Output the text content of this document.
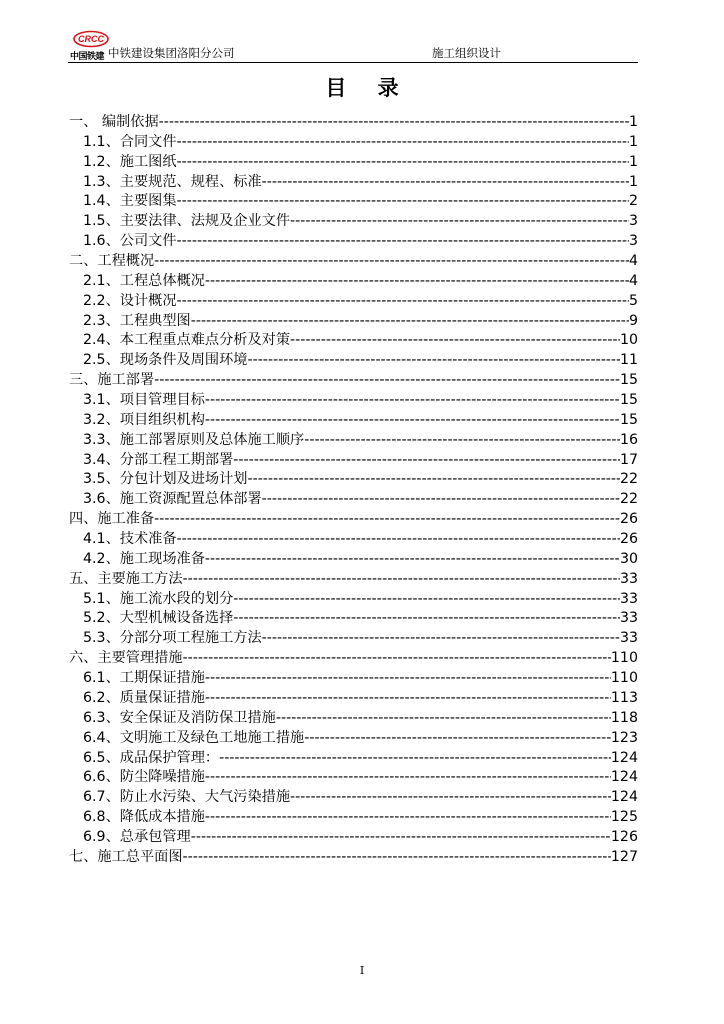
CRCC
中国铁建 中铁建设集团洛阳分公司	施工组织设计
目 录
一、 编制依据 -----	1
1.1、合同文件 -----	1
1.2、施工图纸 -----	1
1.3、主要规范、规程、标准 -----	1
1.4、主要图集 -----	2
1.5、主要法律、法规及企业文件 -----	3
1.6、公司文件 -----	3
二、工程概况 -----	4
2.1、工程总体概况 -----	4
2.2、设计概况 -----	5
2.3、工程典型图 -----	9
2.4、本工程重点难点分析及对策 -----	10
2.5、现场条件及周围环境 -----	11
三、施工部署 -----	15
3.1、项目管理目标 -----	15
3.2、项目组织机构 -----	15
3.3、施工部署原则及总体施工顺序 -----	16
3.4、分部工程工期部署 -----	17
3.5、分包计划及进场计划 -----	22
3.6、施工资源配置总体部署 -----	22
四、施工准备 -----	26
4.1、技术准备 -----	26
4.2、施工现场准备 -----	30
五、主要施工方法 -----	33
5.1、施工流水段的划分 -----	33
5.2、大型机械设备选择 -----	33
5.3、分部分项工程施工方法 -----	33
六、主要管理措施 -----	110
6.1、工期保证措施 -----	110
6.2、质量保证措施 -----	113
6.3、安全保证及消防保卫措施 -----	118
6.4、文明施工及绿色工地施工措施 -----	123
6.5、成品保护管理： -----	124
6.6、防尘降噪措施 -----	124
6.7、防止水污染、大气污染措施 -----	124
6.8、降低成本措施 -----	125
6.9、总承包管理 -----	126
七、施工总平面图 -----	127
I
